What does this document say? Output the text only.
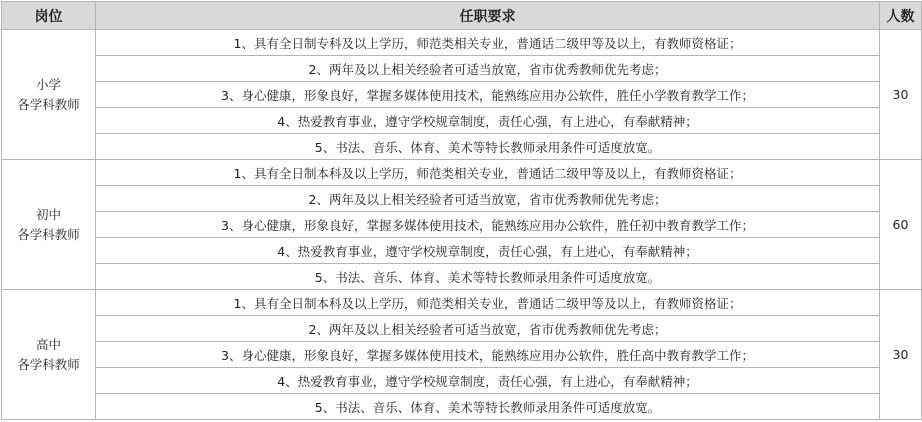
岗位	任职要求	人数

小学
各学科教师	1、具有全日制专科及以上学历，师范类相关专业，普通话二级甲等及以上，有教师资格证；	30
	2、两年及以上相关经验者可适当放宽，省市优秀教师优先考虑；	
	3、身心健康，形象良好，掌握多媒体使用技术，能熟练应用办公软件，胜任小学教育教学工作；	
	4、热爱教育事业，遵守学校规章制度，责任心强，有上进心，有奉献精神；	
	5、书法、音乐、体育、美术等特长教师录用条件可适度放宽。	

初中
各学科教师	1、具有全日制本科及以上学历，师范类相关专业，普通话二级甲等及以上，有教师资格证；	60
	2、两年及以上相关经验者可适当放宽，省市优秀教师优先考虑；	
	3、身心健康，形象良好，掌握多媒体使用技术，能熟练应用办公软件，胜任初中教育教学工作；	
	4、热爱教育事业，遵守学校规章制度，责任心强，有上进心，有奉献精神；	
	5、书法、音乐、体育、美术等特长教师录用条件可适度放宽。	

高中
各学科教师	1、具有全日制本科及以上学历，师范类相关专业，普通话二级甲等及以上，有教师资格证；	30
	2、两年及以上相关经验者可适当放宽，省市优秀教师优先考虑；	
	3、身心健康，形象良好，掌握多媒体使用技术，能熟练应用办公软件，胜任高中教育教学工作；	
	4、热爱教育事业，遵守学校规章制度，责任心强，有上进心，有奉献精神；	
	5、书法、音乐、体育、美术等特长教师录用条件可适度放宽。	
